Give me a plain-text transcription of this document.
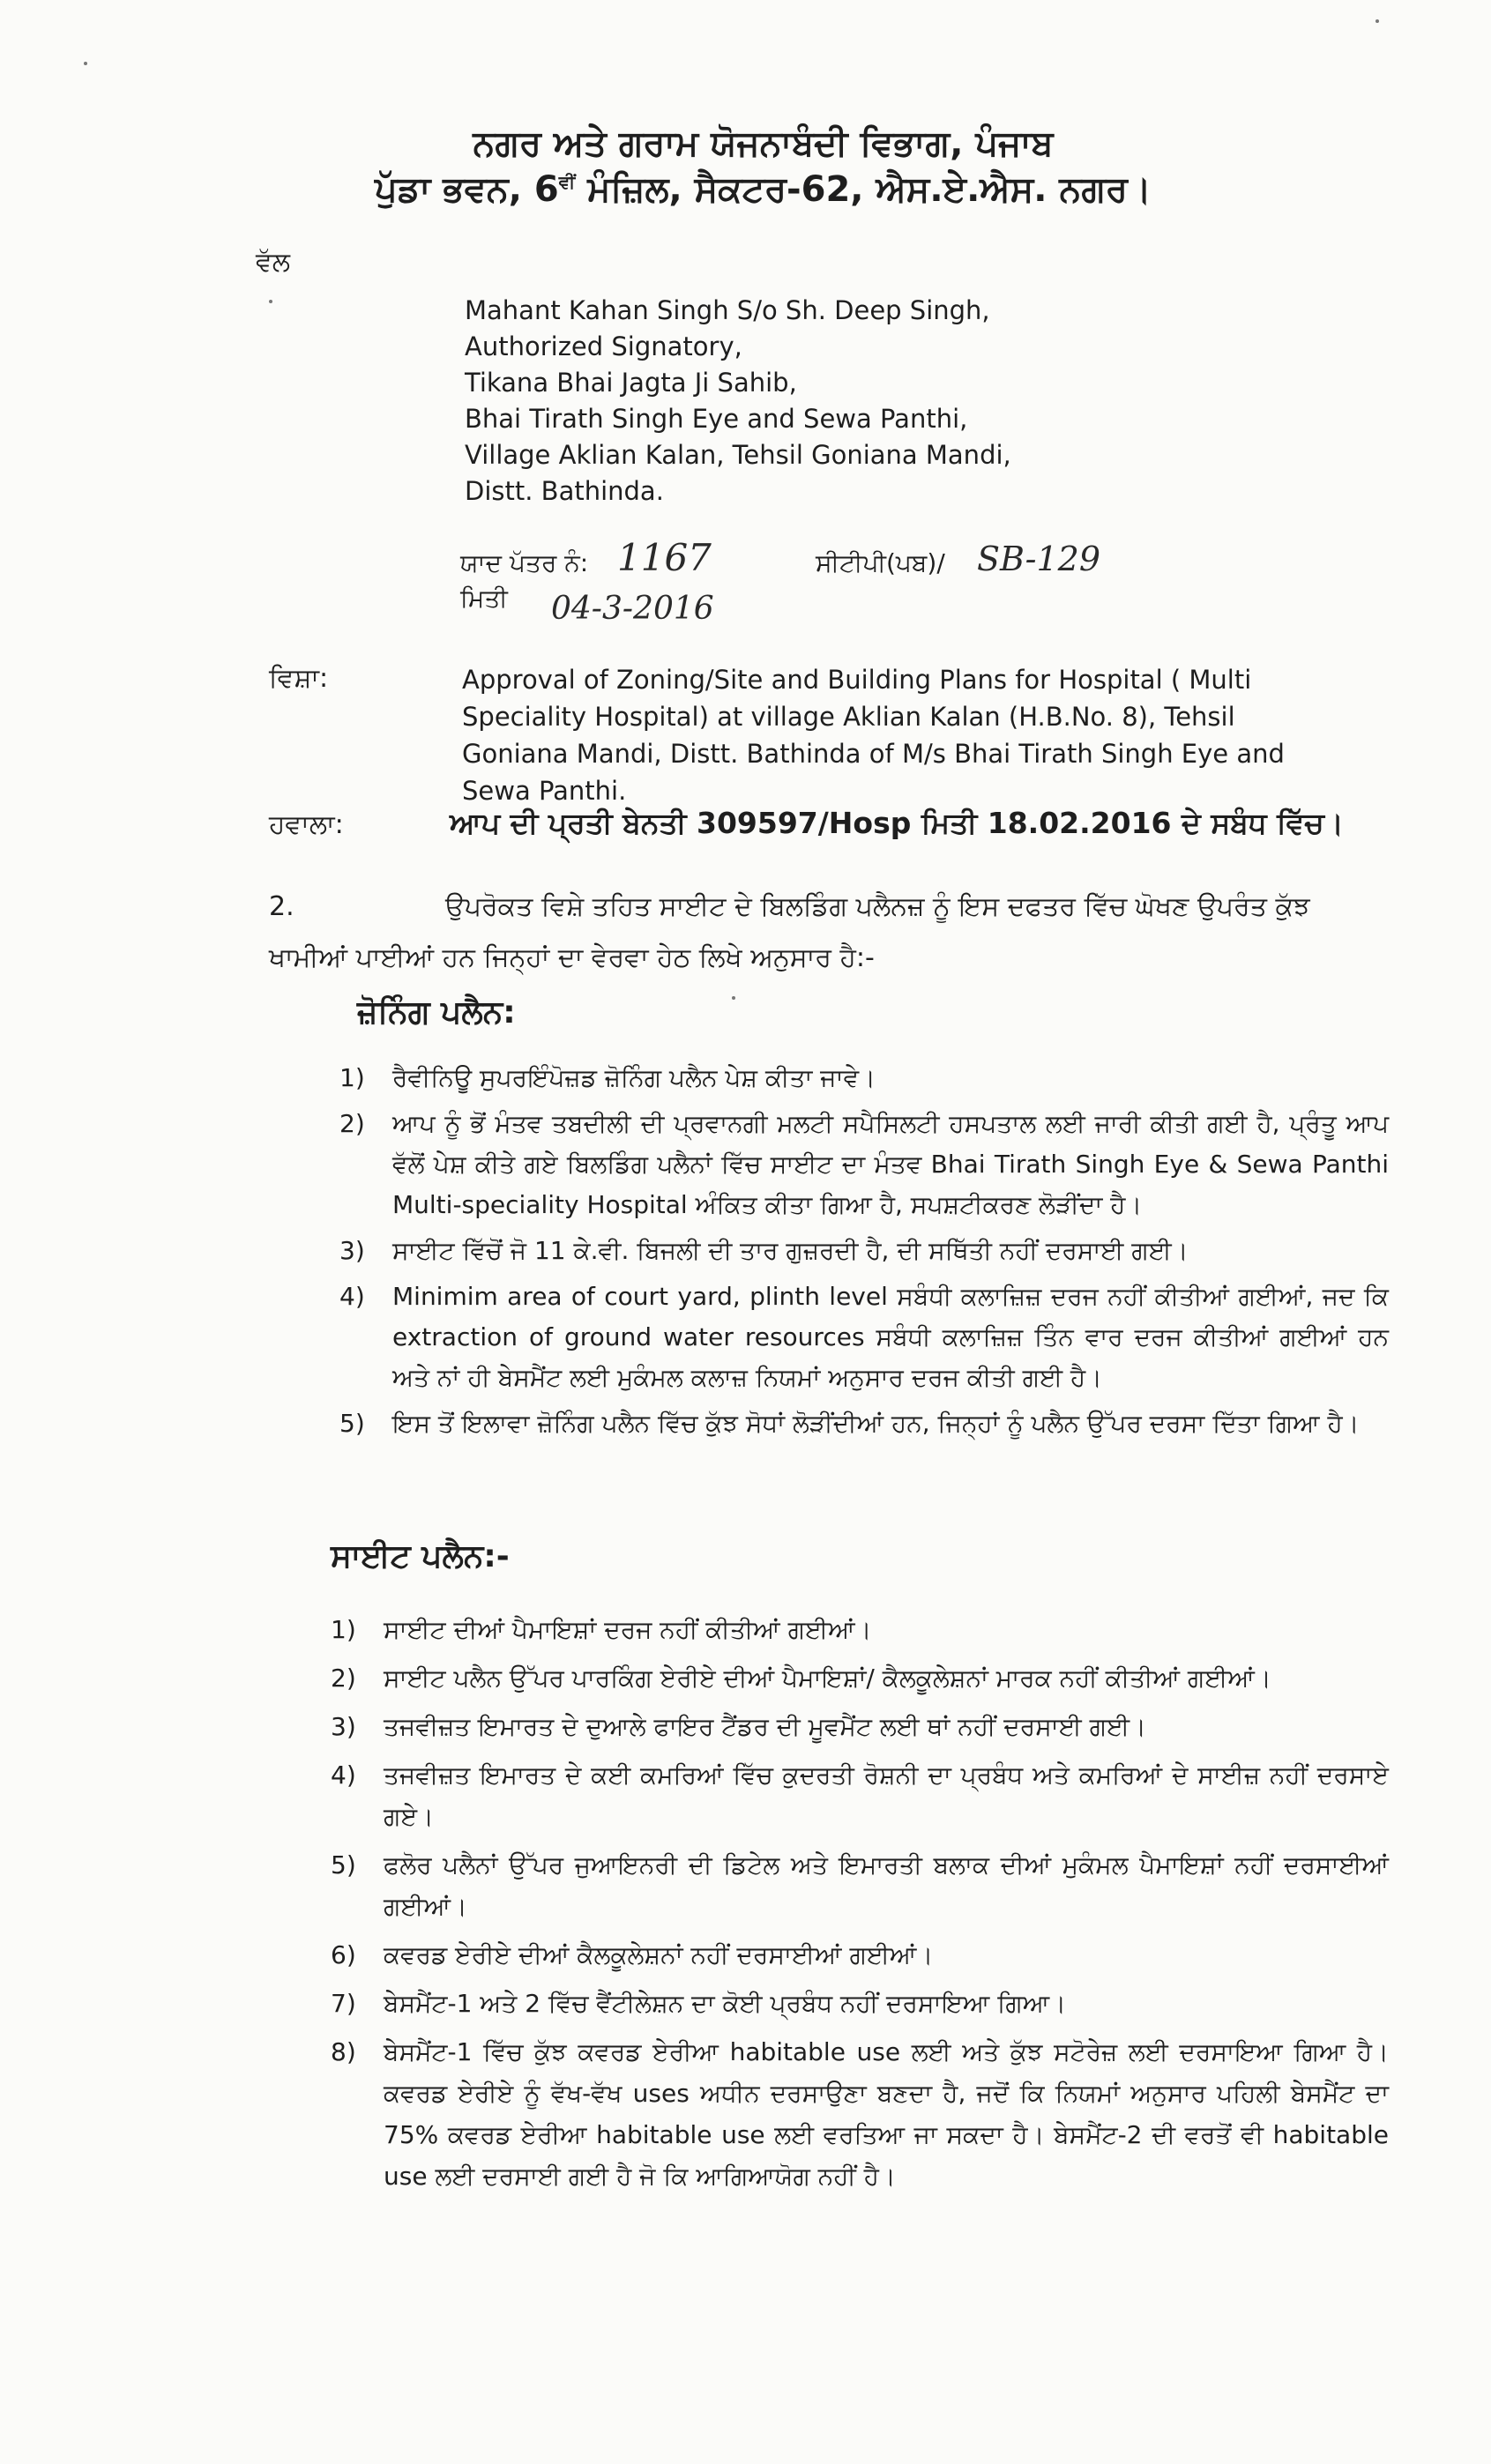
ਨਗਰ ਅਤੇ ਗਰਾਮ ਯੋਜਨਾਬੰਦੀ ਵਿਭਾਗ, ਪੰਜਾਬ
ਪੁੱਡਾ ਭਵਨ, $6^{ਵੀਂ}$ ਮੰਜ਼ਿਲ, ਸੈਕਟਰ-62, ਐਸ.ਏ.ਐਸ. ਨਗਰ।
ਵੱਲ
Mahant Kahan Singh S/o Sh. Deep Singh,
Authorized Signatory,
Tikana Bhai Jagta Ji Sahib,
Bhai Tirath Singh Eye and Sewa Panthi,
Village Aklian Kalan, Tehsil Goniana Mandi,
Distt. Bathinda.
ਯਾਦ ਪੱਤਰ ਨੰ: 1167	ਸੀਟੀਪੀ(ਪਬ)/ SB-129
ਮਿਤੀ 04-3-2016
ਵਿਸ਼ਾ:	Approval of Zoning/Site and Building Plans for Hospital ( Multi Speciality Hospital) at village Aklian Kalan (H.B.No. 8), Tehsil Goniana Mandi, Distt. Bathinda of M/s Bhai Tirath Singh Eye and Sewa Panthi.
ਹਵਾਲਾ:	ਆਪ ਦੀ ਪ੍ਰਤੀ ਬੇਨਤੀ 309597/Hosp ਮਿਤੀ 18.02.2016 ਦੇ ਸਬੰਧ ਵਿੱਚ।
2.	ਉਪਰੋਕਤ ਵਿਸ਼ੇ ਤਹਿਤ ਸਾਈਟ ਦੇ ਬਿਲਡਿੰਗ ਪਲੈਨਜ਼ ਨੂੰ ਇਸ ਦਫਤਰ ਵਿੱਚ ਘੋਖਣ ਉਪਰੰਤ ਕੁੱਝ ਖਾਮੀਆਂ ਪਾਈਆਂ ਹਨ ਜਿਨ੍ਹਾਂ ਦਾ ਵੇਰਵਾ ਹੇਠ ਲਿਖੇ ਅਨੁਸਾਰ ਹੈ:-
ਜ਼ੋਨਿੰਗ ਪਲੈਨ:
1)	ਰੈਵੀਨਿਊ ਸੁਪਰਇੰਪੋਜ਼ਡ ਜ਼ੋਨਿੰਗ ਪਲੈਨ ਪੇਸ਼ ਕੀਤਾ ਜਾਵੇ।
2)	ਆਪ ਨੂੰ ਭੋਂ ਮੰਤਵ ਤਬਦੀਲੀ ਦੀ ਪ੍ਰਵਾਨਗੀ ਮਲਟੀ ਸਪੈਸਿਲਟੀ ਹਸਪਤਾਲ ਲਈ ਜਾਰੀ ਕੀਤੀ ਗਈ ਹੈ, ਪ੍ਰੰਤੂ ਆਪ ਵੱਲੋਂ ਪੇਸ਼ ਕੀਤੇ ਗਏ ਬਿਲਡਿੰਗ ਪਲੈਨਾਂ ਵਿੱਚ ਸਾਈਟ ਦਾ ਮੰਤਵ Bhai Tirath Singh Eye & Sewa Panthi Multi-speciality Hospital ਅੰਕਿਤ ਕੀਤਾ ਗਿਆ ਹੈ, ਸਪਸ਼ਟੀਕਰਣ ਲੋੜੀਂਦਾ ਹੈ।
3)	ਸਾਈਟ ਵਿੱਚੋਂ ਜੋ 11 ਕੇ.ਵੀ. ਬਿਜਲੀ ਦੀ ਤਾਰ ਗੁਜ਼ਰਦੀ ਹੈ, ਦੀ ਸਥਿੱਤੀ ਨਹੀਂ ਦਰਸਾਈ ਗਈ।
4)	Minimim area of court yard, plinth level ਸਬੰਧੀ ਕਲਾਜ਼ਿਜ਼ ਦਰਜ ਨਹੀਂ ਕੀਤੀਆਂ ਗਈਆਂ, ਜਦ ਕਿ extraction of ground water resources ਸਬੰਧੀ ਕਲਾਜ਼ਿਜ਼ ਤਿੰਨ ਵਾਰ ਦਰਜ ਕੀਤੀਆਂ ਗਈਆਂ ਹਨ ਅਤੇ ਨਾਂ ਹੀ ਬੇਸਮੈਂਟ ਲਈ ਮੁਕੰਮਲ ਕਲਾਜ਼ ਨਿਯਮਾਂ ਅਨੁਸਾਰ ਦਰਜ ਕੀਤੀ ਗਈ ਹੈ।
5)	ਇਸ ਤੋਂ ਇਲਾਵਾ ਜ਼ੋਨਿੰਗ ਪਲੈਨ ਵਿੱਚ ਕੁੱਝ ਸੋਧਾਂ ਲੋੜੀਂਦੀਆਂ ਹਨ, ਜਿਨ੍ਹਾਂ ਨੂੰ ਪਲੈਨ ਉੱਪਰ ਦਰਸਾ ਦਿੱਤਾ ਗਿਆ ਹੈ।
ਸਾਈਟ ਪਲੈਨ:-
1)	ਸਾਈਟ ਦੀਆਂ ਪੈਮਾਇਸ਼ਾਂ ਦਰਜ ਨਹੀਂ ਕੀਤੀਆਂ ਗਈਆਂ।
2)	ਸਾਈਟ ਪਲੈਨ ਉੱਪਰ ਪਾਰਕਿੰਗ ਏਰੀਏ ਦੀਆਂ ਪੈਮਾਇਸ਼ਾਂ/ ਕੈਲਕੂਲੇਸ਼ਨਾਂ ਮਾਰਕ ਨਹੀਂ ਕੀਤੀਆਂ ਗਈਆਂ।
3)	ਤਜਵੀਜ਼ਤ ਇਮਾਰਤ ਦੇ ਦੁਆਲੇ ਫਾਇਰ ਟੈਂਡਰ ਦੀ ਮੂਵਮੈਂਟ ਲਈ ਥਾਂ ਨਹੀਂ ਦਰਸਾਈ ਗਈ।
4)	ਤਜਵੀਜ਼ਤ ਇਮਾਰਤ ਦੇ ਕਈ ਕਮਰਿਆਂ ਵਿੱਚ ਕੁਦਰਤੀ ਰੋਸ਼ਨੀ ਦਾ ਪ੍ਰਬੰਧ ਅਤੇ ਕਮਰਿਆਂ ਦੇ ਸਾਈਜ਼ ਨਹੀਂ ਦਰਸਾਏ ਗਏ।
5)	ਫਲੋਰ ਪਲੈਨਾਂ ਉੱਪਰ ਜੁਆਇਨਰੀ ਦੀ ਡਿਟੇਲ ਅਤੇ ਇਮਾਰਤੀ ਬਲਾਕ ਦੀਆਂ ਮੁਕੰਮਲ ਪੈਮਾਇਸ਼ਾਂ ਨਹੀਂ ਦਰਸਾਈਆਂ ਗਈਆਂ।
6)	ਕਵਰਡ ਏਰੀਏ ਦੀਆਂ ਕੈਲਕੂਲੇਸ਼ਨਾਂ ਨਹੀਂ ਦਰਸਾਈਆਂ ਗਈਆਂ।
7)	ਬੇਸਮੈਂਟ-1 ਅਤੇ 2 ਵਿੱਚ ਵੈਂਟੀਲੇਸ਼ਨ ਦਾ ਕੋਈ ਪ੍ਰਬੰਧ ਨਹੀਂ ਦਰਸਾਇਆ ਗਿਆ।
8)	ਬੇਸਮੈਂਟ-1 ਵਿੱਚ ਕੁੱਝ ਕਵਰਡ ਏਰੀਆ habitable use ਲਈ ਅਤੇ ਕੁੱਝ ਸਟੋਰੇਜ਼ ਲਈ ਦਰਸਾਇਆ ਗਿਆ ਹੈ। ਕਵਰਡ ਏਰੀਏ ਨੂੰ ਵੱਖ-ਵੱਖ uses ਅਧੀਨ ਦਰਸਾਉਣਾ ਬਣਦਾ ਹੈ, ਜਦੋਂ ਕਿ ਨਿਯਮਾਂ ਅਨੁਸਾਰ ਪਹਿਲੀ ਬੇਸਮੈਂਟ ਦਾ 75% ਕਵਰਡ ਏਰੀਆ habitable use ਲਈ ਵਰਤਿਆ ਜਾ ਸਕਦਾ ਹੈ। ਬੇਸਮੈਂਟ-2 ਦੀ ਵਰਤੋਂ ਵੀ habitable use ਲਈ ਦਰਸਾਈ ਗਈ ਹੈ ਜੋ ਕਿ ਆਗਿਆਯੋਗ ਨਹੀਂ ਹੈ।
